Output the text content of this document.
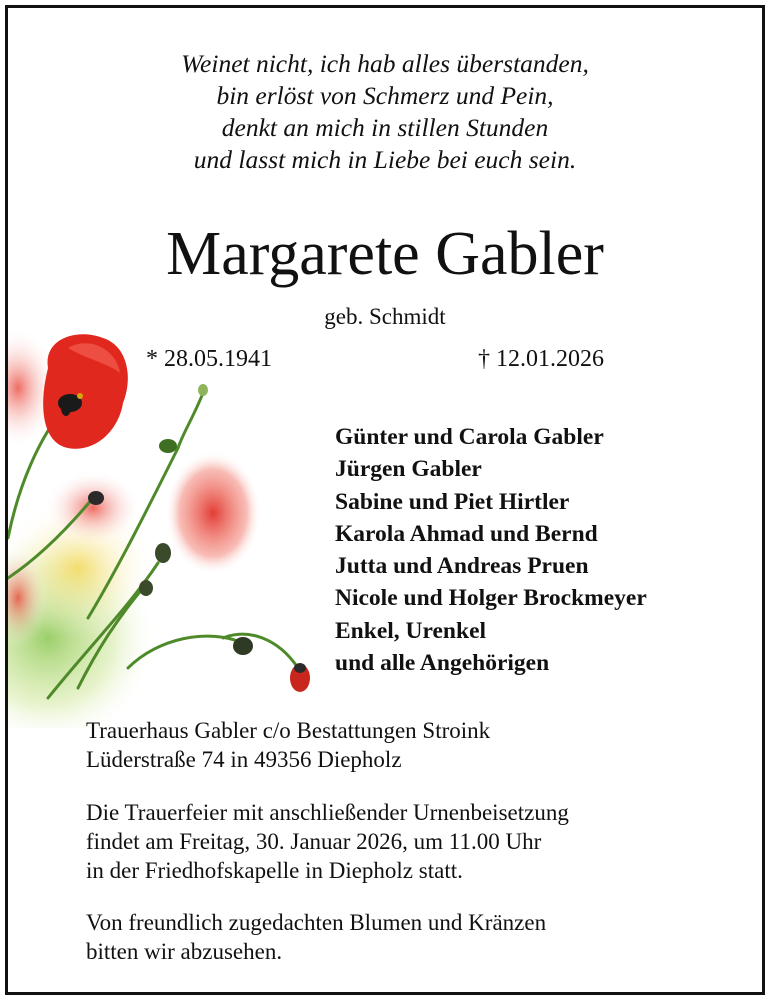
Weinet nicht, ich hab alles überstanden,
bin erlöst von Schmerz und Pein,
denkt an mich in stillen Stunden
und lasst mich in Liebe bei euch sein.
Margarete Gabler
geb. Schmidt
* 28.05.1941	† 12.01.2026
Günter und Carola Gabler
Jürgen Gabler
Sabine und Piet Hirtler
Karola Ahmad und Bernd
Jutta und Andreas Pruen
Nicole und Holger Brockmeyer
Enkel, Urenkel
und alle Angehörigen
Trauerhaus Gabler c/o Bestattungen Stroink
Lüderstraße 74 in 49356 Diepholz
Die Trauerfeier mit anschließender Urnenbeisetzung
findet am Freitag, 30. Januar 2026, um 11.00 Uhr
in der Friedhofskapelle in Diepholz statt.
Von freundlich zugedachten Blumen und Kränzen
bitten wir abzusehen.
